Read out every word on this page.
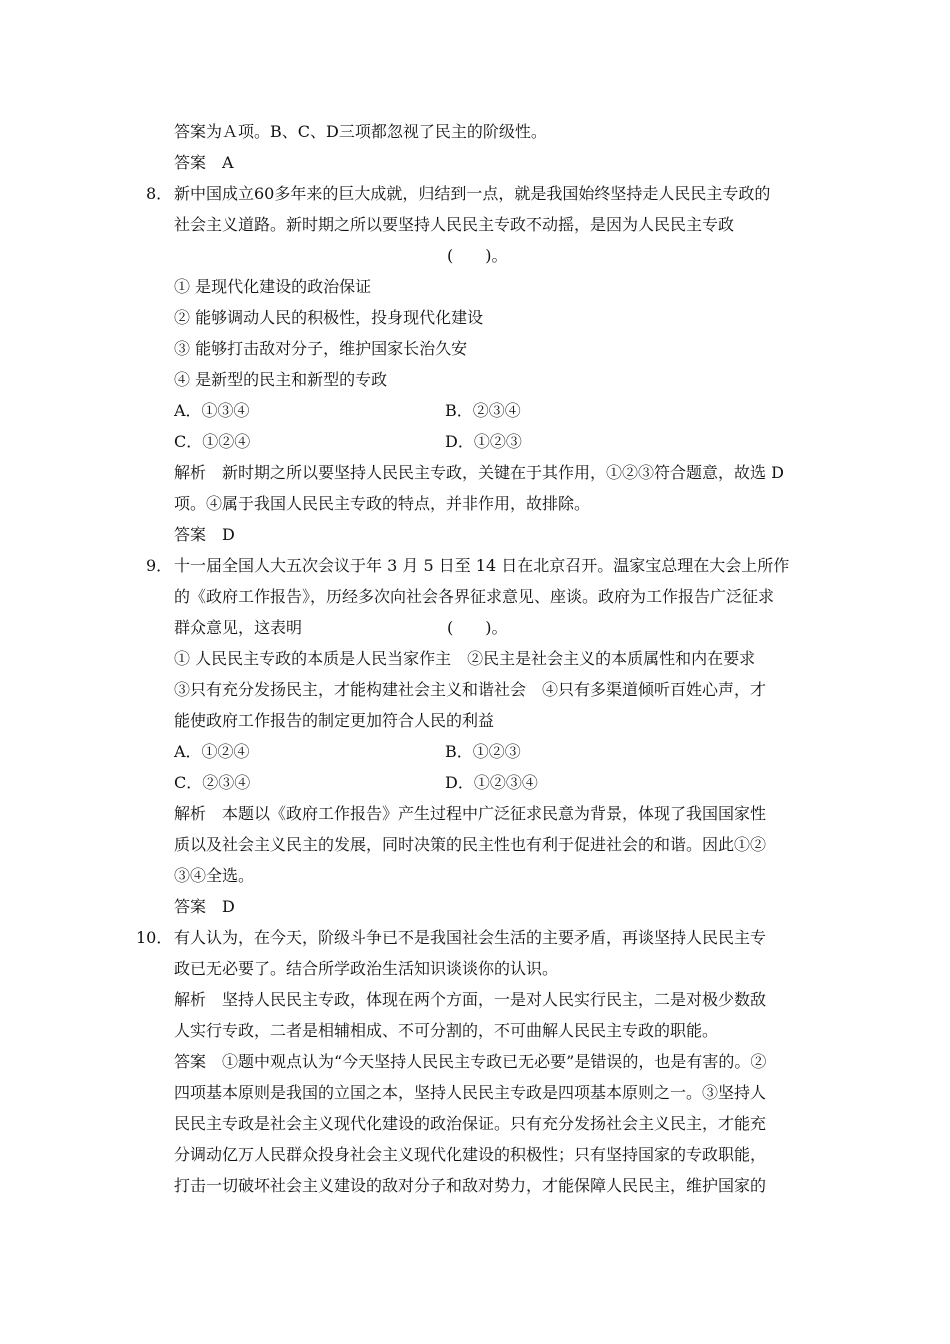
答案为Ａ项。B、C、D三项都忽视了民主的阶级性。
答案　A
8． 新中国成立60多年来的巨大成就，归结到一点，就是我国始终坚持走人民民主专政的
社会主义道路。新时期之所以要坚持人民民主专政不动摇，是因为人民民主专政
(　　)。
① 是现代化建设的政治保证
② 能够调动人民的积极性，投身现代化建设
③ 能够打击敌对分子，维护国家长治久安
④ 是新型的民主和新型的专政
A．①③④	B．②③④
C．①②④	D．①②③
解析　新时期之所以要坚持人民民主专政，关键在于其作用，①②③符合题意，故选 D
项。④属于我国人民民主专政的特点，并非作用，故排除。
答案　D
9． 十一届全国人大五次会议于年 3 月 5 日至 14 日在北京召开。温家宝总理在大会上所作
的《政府工作报告》，历经多次向社会各界征求意见、座谈。政府为工作报告广泛征求
群众意见，这表明	(　　)。
① 人民民主专政的本质是人民当家作主　②民主是社会主义的本质属性和内在要求
③只有充分发扬民主，才能构建社会主义和谐社会　④只有多渠道倾听百姓心声，才
能使政府工作报告的制定更加符合人民的利益
A．①②④	B．①②③
C．②③④	D．①②③④
解析　本题以《政府工作报告》产生过程中广泛征求民意为背景，体现了我国国家性
质以及社会主义民主的发展，同时决策的民主性也有利于促进社会的和谐。因此①②
③④全选。
答案　D
10． 有人认为，在今天，阶级斗争已不是我国社会生活的主要矛盾，再谈坚持人民民主专
政已无必要了。结合所学政治生活知识谈谈你的认识。
解析　坚持人民民主专政，体现在两个方面，一是对人民实行民主，二是对极少数敌
人实行专政，二者是相辅相成、不可分割的，不可曲解人民民主专政的职能。
答案　①题中观点认为“今天坚持人民民主专政已无必要”是错误的，也是有害的。②
四项基本原则是我国的立国之本，坚持人民民主专政是四项基本原则之一。③坚持人
民民主专政是社会主义现代化建设的政治保证。只有充分发扬社会主义民主，才能充
分调动亿万人民群众投身社会主义现代化建设的积极性；只有坚持国家的专政职能，
打击一切破坏社会主义建设的敌对分子和敌对势力，才能保障人民民主，维护国家的
